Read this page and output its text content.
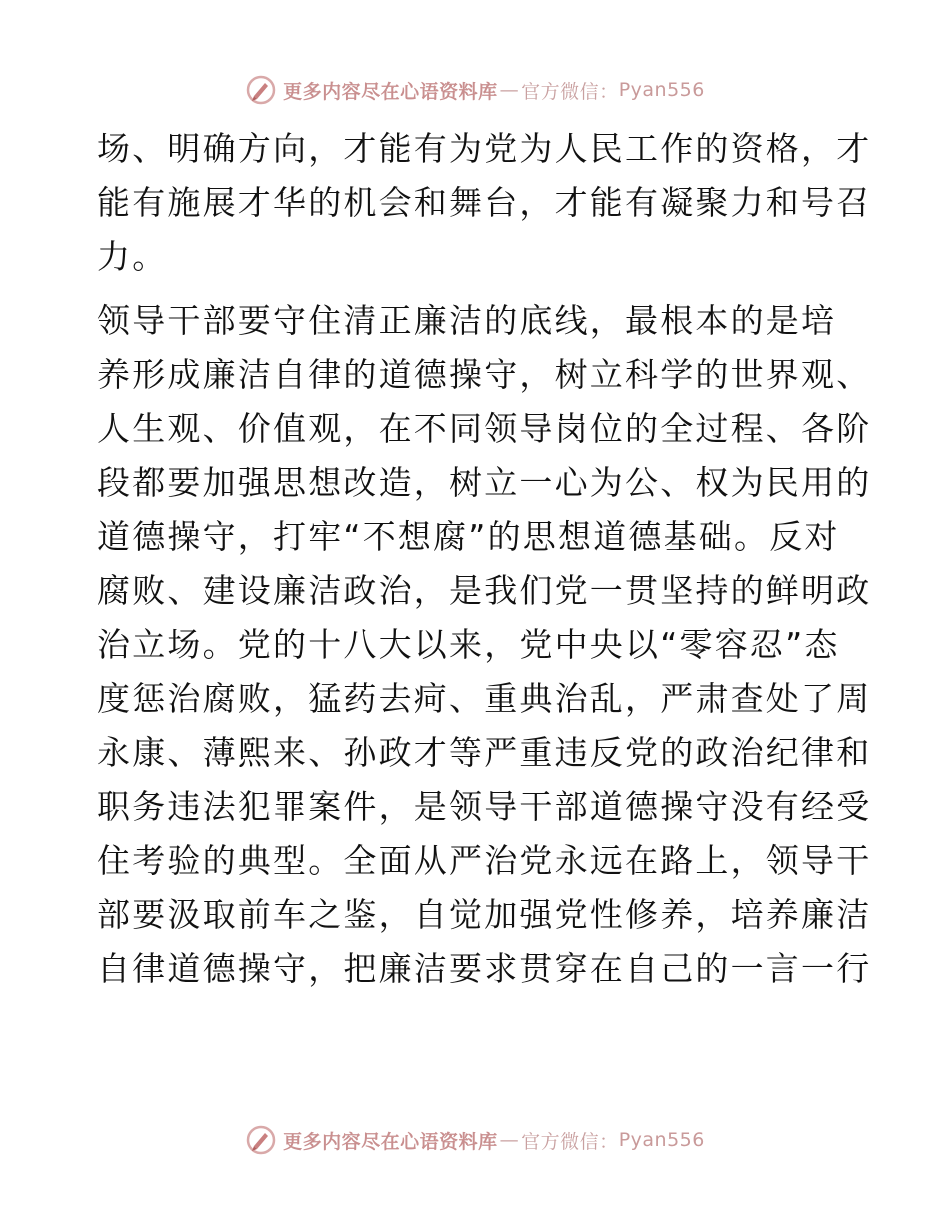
更多内容尽在心语资料库 — 官方微信： Pyan556

场、明确方向，才能有为党为人民工作的资格，才

能有施展才华的机会和舞台，才能有凝聚力和号召

力。

领导干部要守住清正廉洁的底线，最根本的是培

养形成廉洁自律的道德操守，树立科学的世界观、

人生观、价值观，在不同领导岗位的全过程、各阶

段都要加强思想改造，树立一心为公、权为民用的

道德操守，打牢“不想腐”的思想道德基础。反对

腐败、建设廉洁政治，是我们党一贯坚持的鲜明政

治立场。党的十八大以来，党中央以“零容忍”态

度惩治腐败，猛药去疴、重典治乱，严肃查处了周

永康、薄熙来、孙政才等严重违反党的政治纪律和

职务违法犯罪案件，是领导干部道德操守没有经受

住考验的典型。全面从严治党永远在路上，领导干

部要汲取前车之鉴，自觉加强党性修养，培养廉洁

自律道德操守，把廉洁要求贯穿在自己的一言一行

更多内容尽在心语资料库 — 官方微信： Pyan556
